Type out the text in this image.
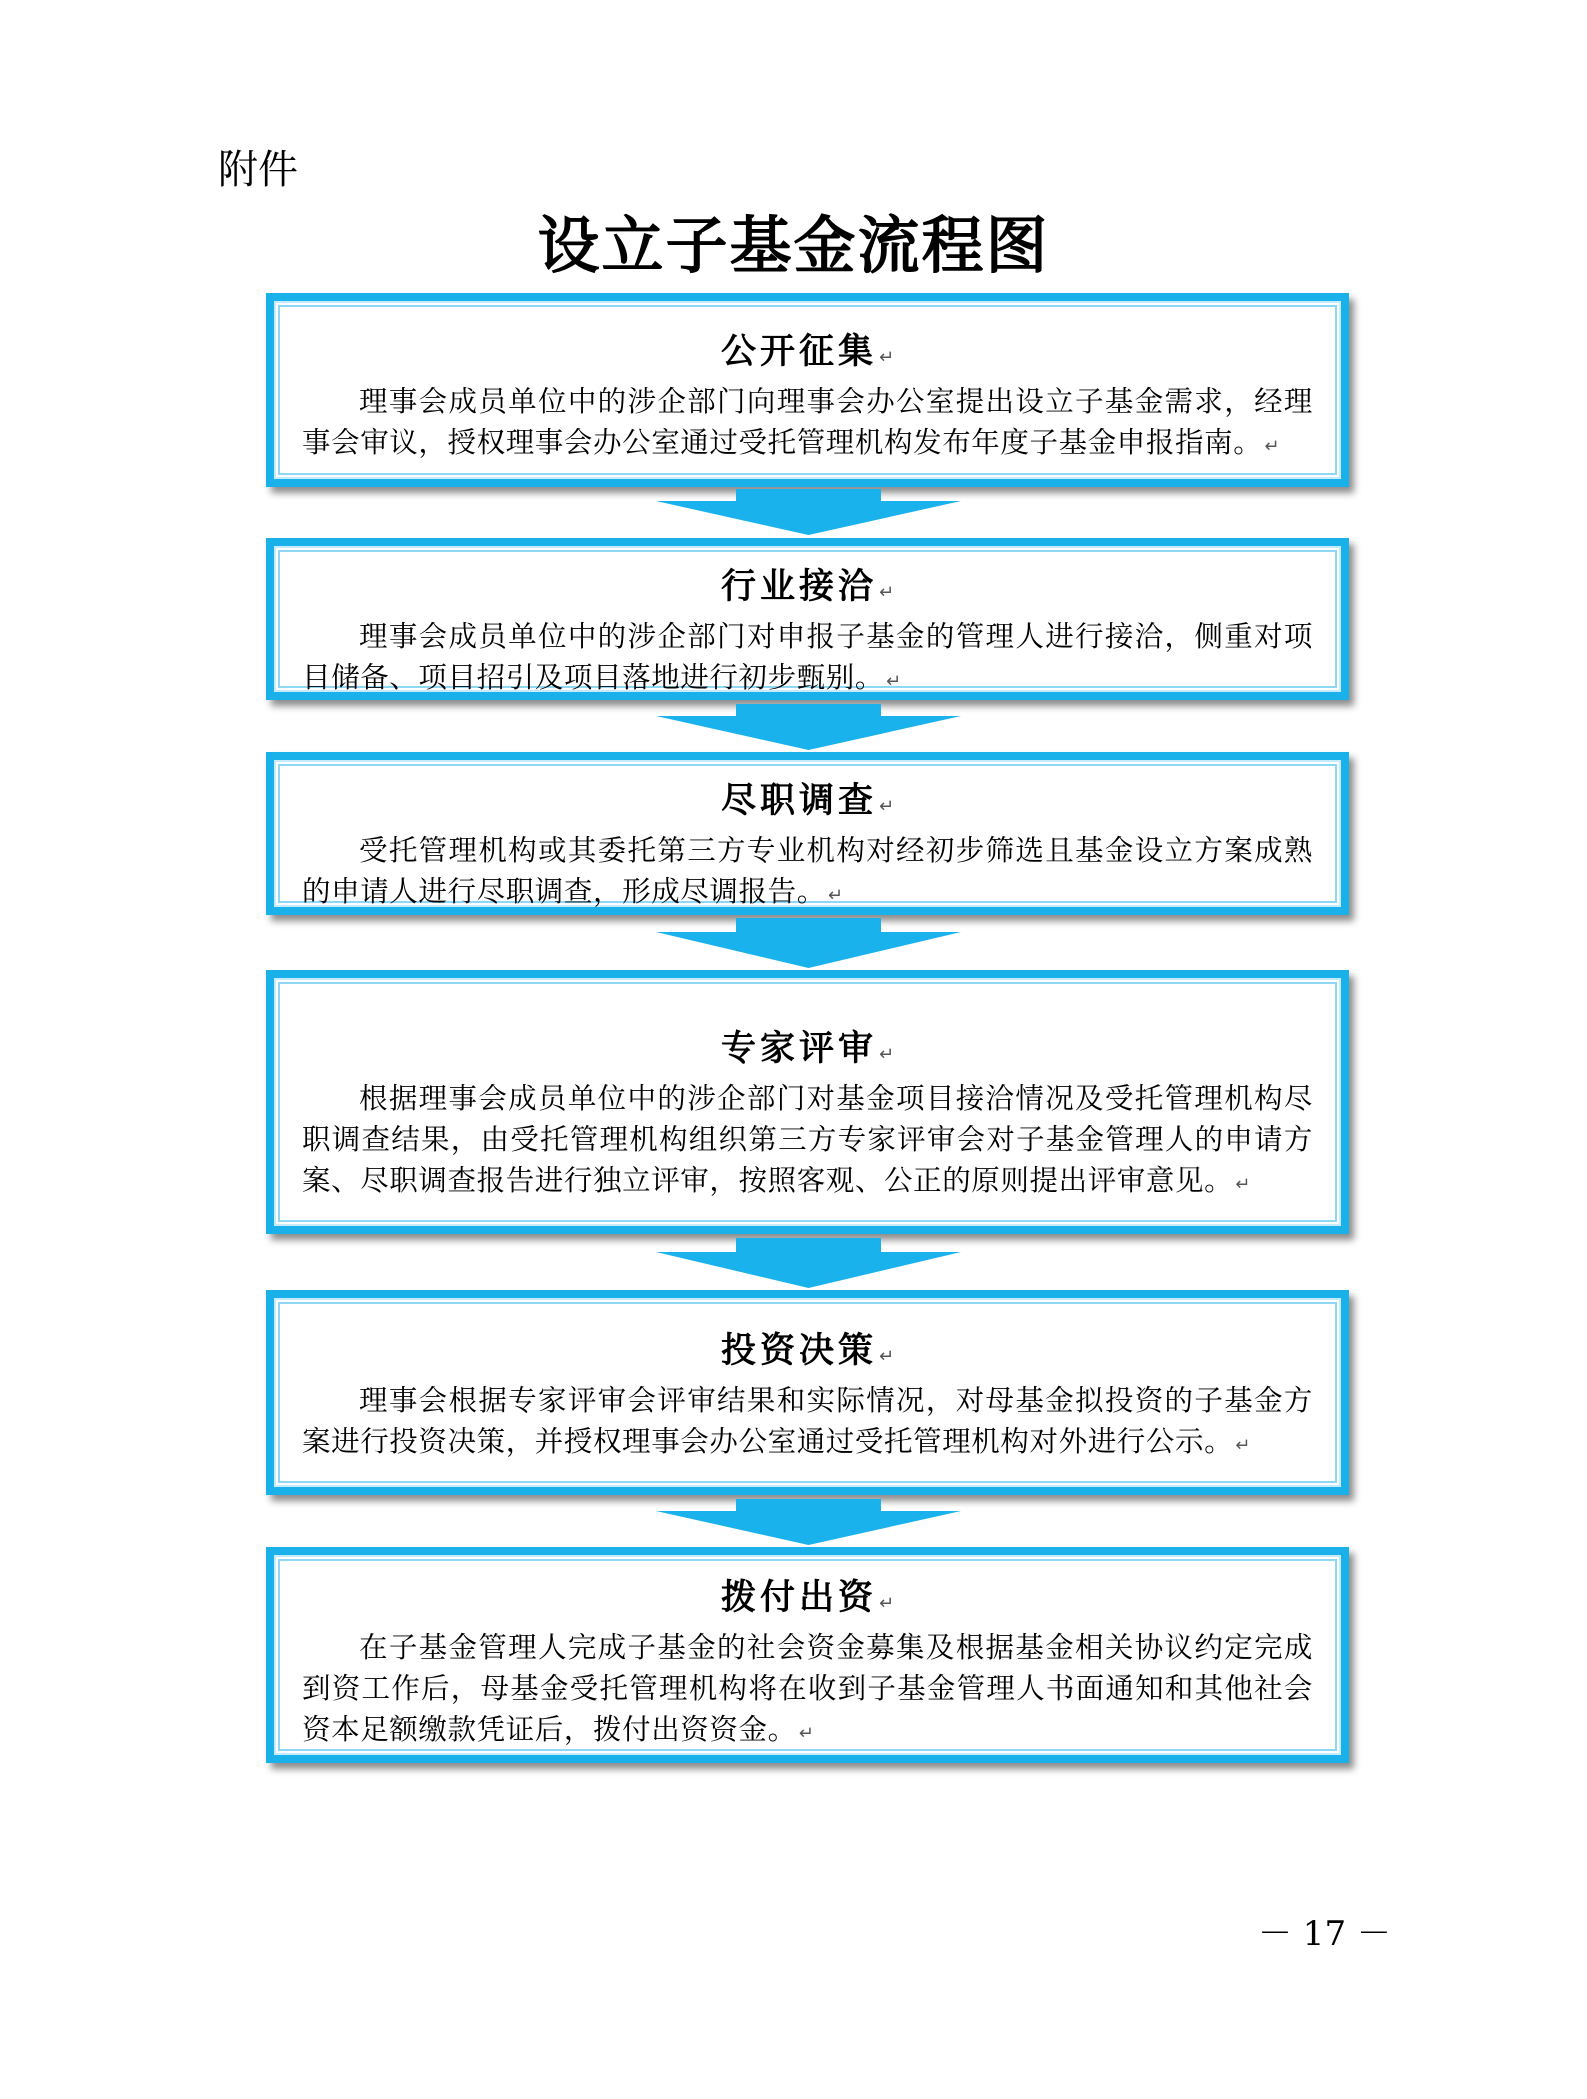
附件
设立子基金流程图
公开征集 ↵
理事会成员单位中的涉企部门向理事会办公室提出设立子基金需求，经理事会审议，授权理事会办公室通过受托管理机构发布年度子基金申报指南。 ↵
行业接洽 ↵
理事会成员单位中的涉企部门对申报子基金的管理人进行接洽，侧重对项目储备、项目招引及项目落地进行初步甄别。 ↵
尽职调查 ↵
受托管理机构或其委托第三方专业机构对经初步筛选且基金设立方案成熟的申请人进行尽职调查，形成尽调报告。 ↵
专家评审 ↵
根据理事会成员单位中的涉企部门对基金项目接洽情况及受托管理机构尽职调查结果，由受托管理机构组织第三方专家评审会对子基金管理人的申请方案、尽职调查报告进行独立评审，按照客观、公正的原则提出评审意见。 ↵
投资决策 ↵
理事会根据专家评审会评审结果和实际情况，对母基金拟投资的子基金方案进行投资决策，并授权理事会办公室通过受托管理机构对外进行公示。 ↵
拨付出资 ↵
在子基金管理人完成子基金的社会资金募集及根据基金相关协议约定完成到资工作后，母基金受托管理机构将在收到子基金管理人书面通知和其他社会资本足额缴款凭证后，拨付出资资金。 ↵
－ 17 －
